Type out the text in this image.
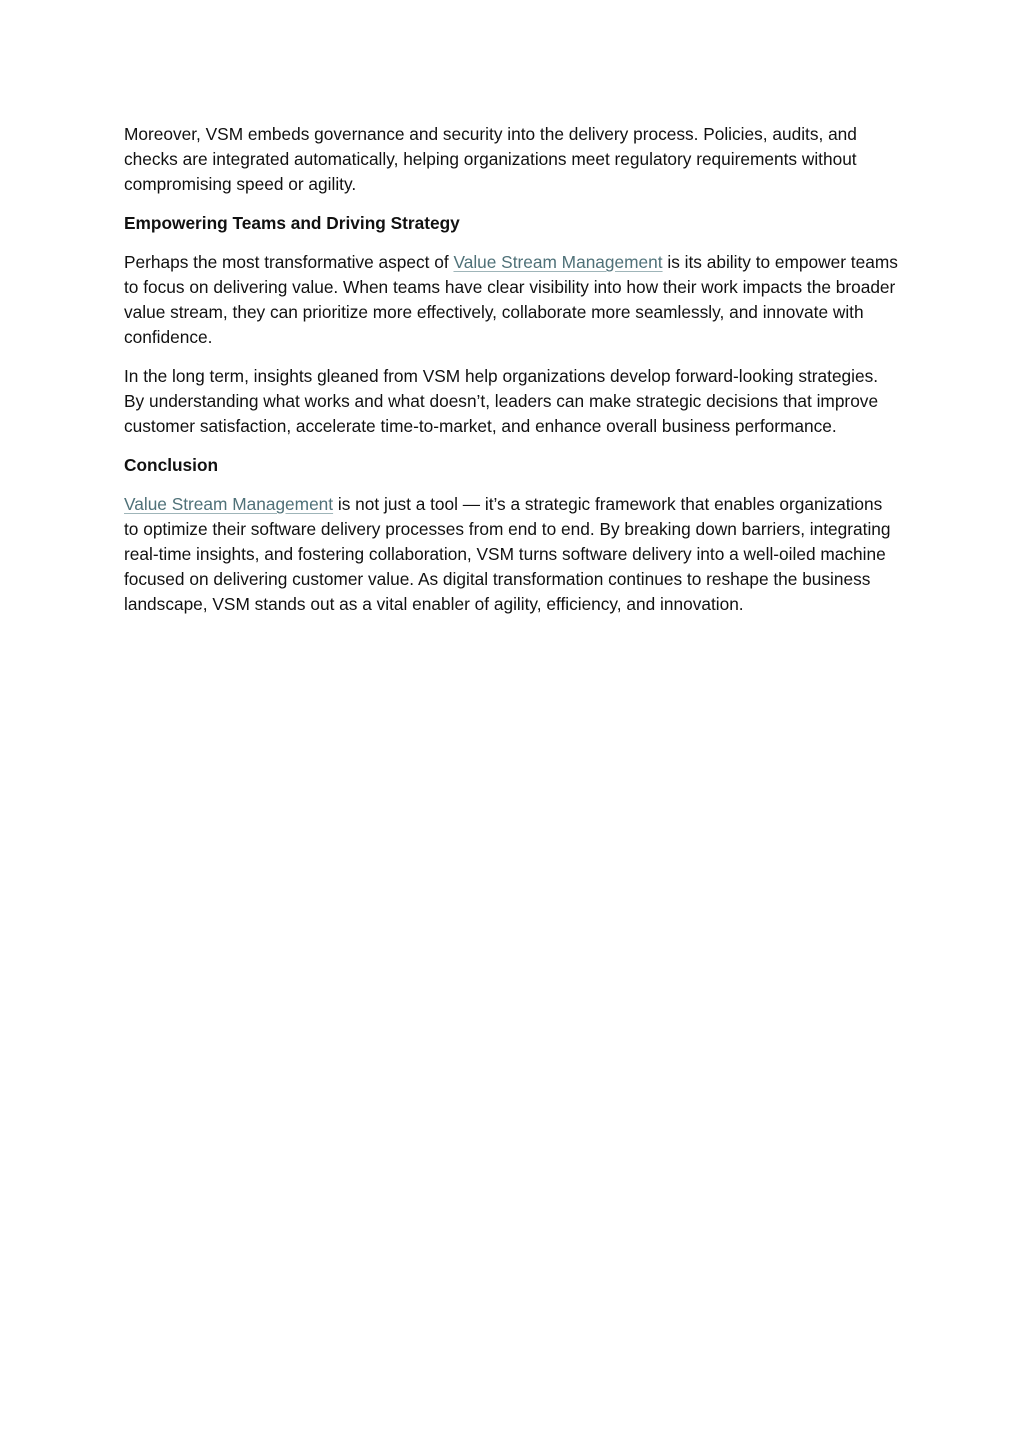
Moreover, VSM embeds governance and security into the delivery process. Policies, audits, and checks are integrated automatically, helping organizations meet regulatory requirements without compromising speed or agility.

Empowering Teams and Driving Strategy

Perhaps the most transformative aspect of Value Stream Management is its ability to empower teams to focus on delivering value. When teams have clear visibility into how their work impacts the broader value stream, they can prioritize more effectively, collaborate more seamlessly, and innovate with confidence.

In the long term, insights gleaned from VSM help organizations develop forward-looking strategies. By understanding what works and what doesn’t, leaders can make strategic decisions that improve customer satisfaction, accelerate time-to-market, and enhance overall business performance.

Conclusion

Value Stream Management is not just a tool — it’s a strategic framework that enables organizations to optimize their software delivery processes from end to end. By breaking down barriers, integrating real-time insights, and fostering collaboration, VSM turns software delivery into a well-oiled machine focused on delivering customer value. As digital transformation continues to reshape the business landscape, VSM stands out as a vital enabler of agility, efficiency, and innovation.
